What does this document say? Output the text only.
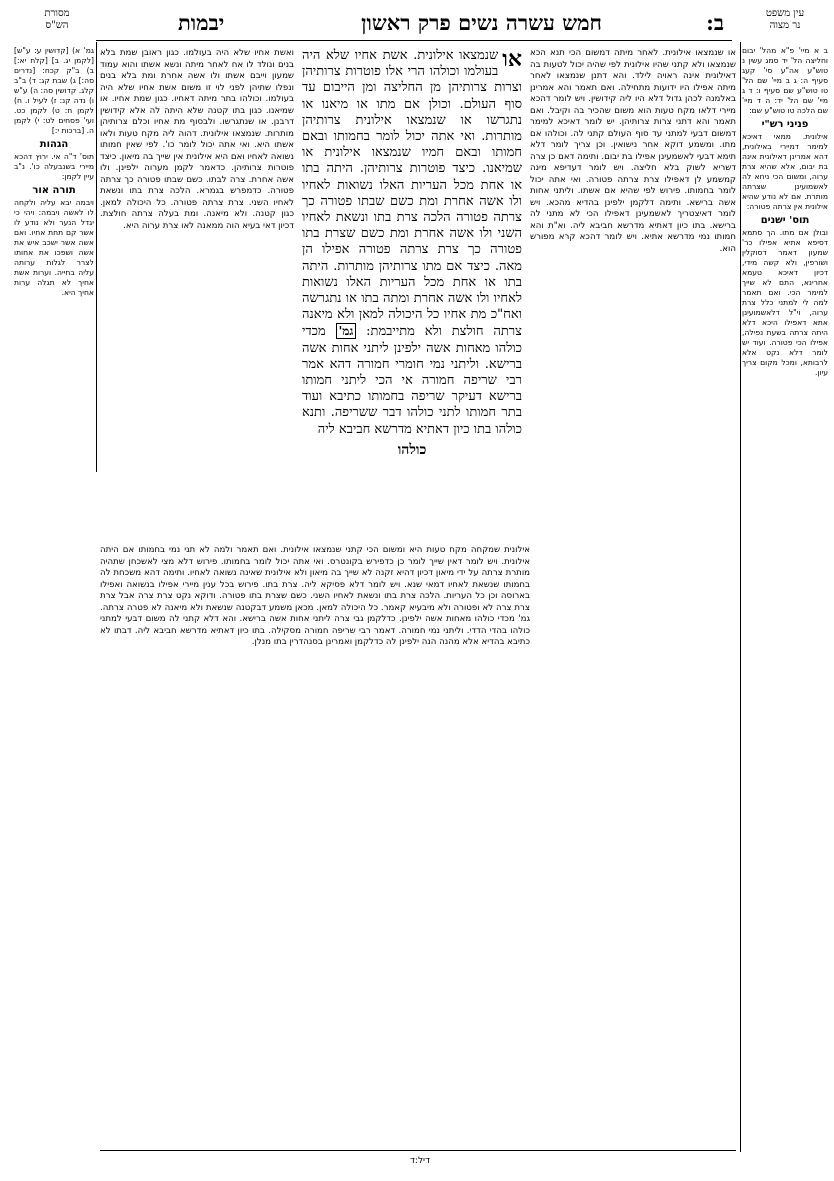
ב:
חמש עשרה נשים פרק ראשון
יבמות	עין משפט
נר מצוה
מסורת
הש"ס

ב א מיי' פ"א מהל' יבום וחליצה הל' יד סמג עשין נ טוש"ע אה"ע סי' קעג סעיף ה: ג ב מיי' שם הל' טו טוש"ע שם סעיף ו: ד ג מיי' שם הל' יד: ה ד מיי' שם הלכה טו טוש"ע שם:

פניני רש"י

אילונית. ממאי דאיכא למימר דמיירי באילונית, דהא אמרינן דאילונית אינה בת יבום, אלא שהיא צרת ערוה, ומשום הכי ניחא לה לאשמועינן שצרתה מותרת. אם לא נודע שהיא אילונית אין צרתה פטורה:

תוס' ישנים

ובולן אם מתו. הך סתמא דסיפא אתיא אפילו כר' שמעון דאמר דסוקלין ושורפין, ולא קשה מידי, דכיון דאיכא טעמא אחרינא, התם לא שייך למימר הכי. ואם תאמר למה לי למתני כלל צרת ערוה, וי"ל דלאשמועינן אתא דאפילו היכא דלא היתה צרתה בשעת נפילה, אפילו הכי פטורה. ועוד יש לומר דלא נקט אלא לרבותא, ומכל מקום צריך עיון.

גמ' א) [קדושין ע: ע"ש] [לקמן יג. ב] [קלח יא:] ב) ב"ק קכח: [נדרים סה:] ג) שבת קג: ד) ב"ב קלג. קדושין סה: ה) ע"ש ו) נדה קנ: ז) לעיל ו. ח) לקמן ח: ט) לקמן כט. ועי' פסחים לט: י) לקמן ה. [ברכות י:]

הגהות

תוס' ד"ה אי. ירוץ דהכא מיירי בשנבעלה כו'. נ"ב עיין לקמן:

תורה אור

ויבמה יבא עליה ולקחה לו לאשה ויבמה: ויהי כי יגדל הנער ולא נודע לו אשר קם תחת אחיו. ואם אשה אשר ישכב איש את אשה ושפכו את אחותו לצרר לגלות ערותה עליה בחייה. וערות אשת אחיך לא תגלה ערות אחיך היא.

או שנמצאו אילונית. לאחר מיתה דמשום הכי תנא הכא שנמצאו ולא קתני שהיו אילונית לפי שהיה יכול לטעות בה דאילונית אינה ראויה לילד. והא דתנן שנמצאו לאחר מיתה אפילו היו ידועות מתחילה. ואם תאמר והא אמרינן באלמנה לכהן גדול דלא היו ליה קידושין. ויש לומר דהכא מיירי דלאו מקח טעות הוא משום שהכיר בה וקיבל. ואם תאמר והא דתני צרות צרותיהן. יש לומר דאיכא למימר דמשום דבעי למתני עד סוף העולם קתני לה. וכולהו אם מתו. ומשמע דוקא אחר נישואין. וכן צריך לומר דלא תימא דבעי לאשמעינן אפילו בת יבום. ותימה דאם כן צרה דשריא לשוק בלא חליצה. ויש לומר דעדיפא מינה קמשמע לן דאפילו צרת צרתה פטורה. ואי אתה יכול לומר בחמותו. פירוש לפי שהיא אם אשתו. וליתני אחות אשה ברישא. ותימה דלקמן ילפינן בהדיא מהכא. ויש לומר דאיצטריך לאשמעינן דאפילו הכי לא מתני לה ברישא. בתו כיון דאתיא מדרשא חביבא ליה. וא"ת והא חמותו נמי מדרשא אתיא. ויש לומר דהכא קרא מפורש הוא.

או
שנמצאו אילונית. אשת אחיו שלא היה בעולמו וכולהו הרי אלו פוטרות צרותיהן וצרות צרותיהן מן החליצה ומן הייבום עד סוף העולם. וכולן אם מתו או מיאנו או נתגרשו או שנמצאו אילונית צרותיהן מותרות. ואי אתה יכול לומר בחמותו ובאם חמותו ובאם חמיו שנמצאו אילונית או שמיאנו. כיצד פוטרות צרותיהן. היתה בתו או אחת מכל העריות האלו נשואות לאחיו ולו אשה אחרת ומת כשם שבתו פטורה כך צרתה פטורה הלכה צרת בתו ונשאת לאחיו השני ולו אשה אחרת ומת כשם שצרת בתו פטורה כך צרת צרתה פטורה אפילו הן מאה. כיצד אם מתו צרותיהן מותרות. היתה בתו או אחת מכל העריות האלו נשואות לאחיו ולו אשה אחרת ומתה בתו או נתגרשה ואח"כ מת אחיו כל היכולה למאן ולא מיאנה צרתה חולצת ולא מתייבמת: גמ' מכדי כולהו מאחות אשה ילפינן ליתני אחות אשה ברישא. וליתני נמי חומרי חמורה דהא אמר רבי שריפה חמורה אי הכי ליתני חמותו ברישא דעיקר שריפה בחמותו כתיבא ועוד בתר חמותו לתני כולהו דבר ששריפה. ותנא כולהו בתו כיון דאתיא מדרשא חביבא ליה
כולהו

ואשת אחיו שלא היה בעולמו. כגון ראובן שמת בלא בנים ונולד לו אח לאחר מיתה ונשא אשתו והוא עמוד שמעון וייבם אשתו ולו אשה אחרת ומת בלא בנים ונפלו שתיהן לפני לוי זו משום אשת אחיו שלא היה בעולמו. וכולהו בתר מיתה דאחיו. כגון שמת אחיו. או שמיאנו. כגון בתו קטנה שלא היתה לה אלא קידושין דרבנן. או שנתגרשו. ולבסוף מת אחיו וכלם צרותיהן מותרות. שנמצאו אילונית. דהוה ליה מקח טעות ולאו אשתו היא. ואי אתה יכול לומר כו'. לפי שאין חמותו נשואה לאחיו ואם היא אילונית אין שייך בה מיאון. כיצד פוטרות צרותיהן. כדאמר לקמן מערוה ילפינן. ולו אשה אחרת. צרה לבתו. כשם שבתו פטורה כך צרתה פטורה. כדמפרש בגמרא. הלכה צרת בתו ונשאת לאחיו השני. צרת צרתה פטורה. כל היכולה למאן. כגון קטנה. ולא מיאנה. ומת בעלה צרתה חולצת. דכיון דאי בעיא הוה ממאנה לאו צרת ערוה היא.

אילונית שמקחה מקח טעות היא ומשום הכי קתני שנמצאו אילונית. ואם תאמר ולמה לא תני נמי בחמותו אם היתה אילונית. ויש לומר דאין שייך לומר כן כדפירש בקונטרס. ואי אתה יכול לומר בחמותו. פירוש דלא מצי לאשכחן שתהיה מותרת צרתה על ידי מיאון דכיון דהיא זקנה לא שייך בה מיאון ולא אילונית שאינה נשואה לאחיו. ותימה דהא משכחת לה בחמותו שנשאת לאחיו דמאי שנא. ויש לומר דלא פסיקא ליה. צרת בתו. פירוש בכל ענין מיירי אפילו בנשואה ואפילו בארוסה וכן כל העריות. הלכה צרת בתו ונשאת לאחיו השני. כשם שצרת בתו פטורה. ודוקא נקט צרת צרה אבל צרת צרת צרה לא ופטורה ולא מיבעיא קאמר. כל היכולה למאן. מכאן משמע דבקטנה שנשאת ולא מיאנה לא פטרה צרתה. גמ' מכדי כולהו מאחות אשה ילפינן. כדלקמן גבי צרה ליתני אחות אשה ברישא. והא דלא קתני לה משום דבעי למתני כולהו בהדי הדדי. וליתני נמי חמורה. דאמר רבי שריפה חמורה מסקילה. בתו כיון דאתיא מדרשא חביבא ליה. דבתו לא כתיבא בהדיא אלא מהנה הנה ילפינן לה כדלקמן ואמרינן בסנהדרין בתו מנלן.

דיל:ד
